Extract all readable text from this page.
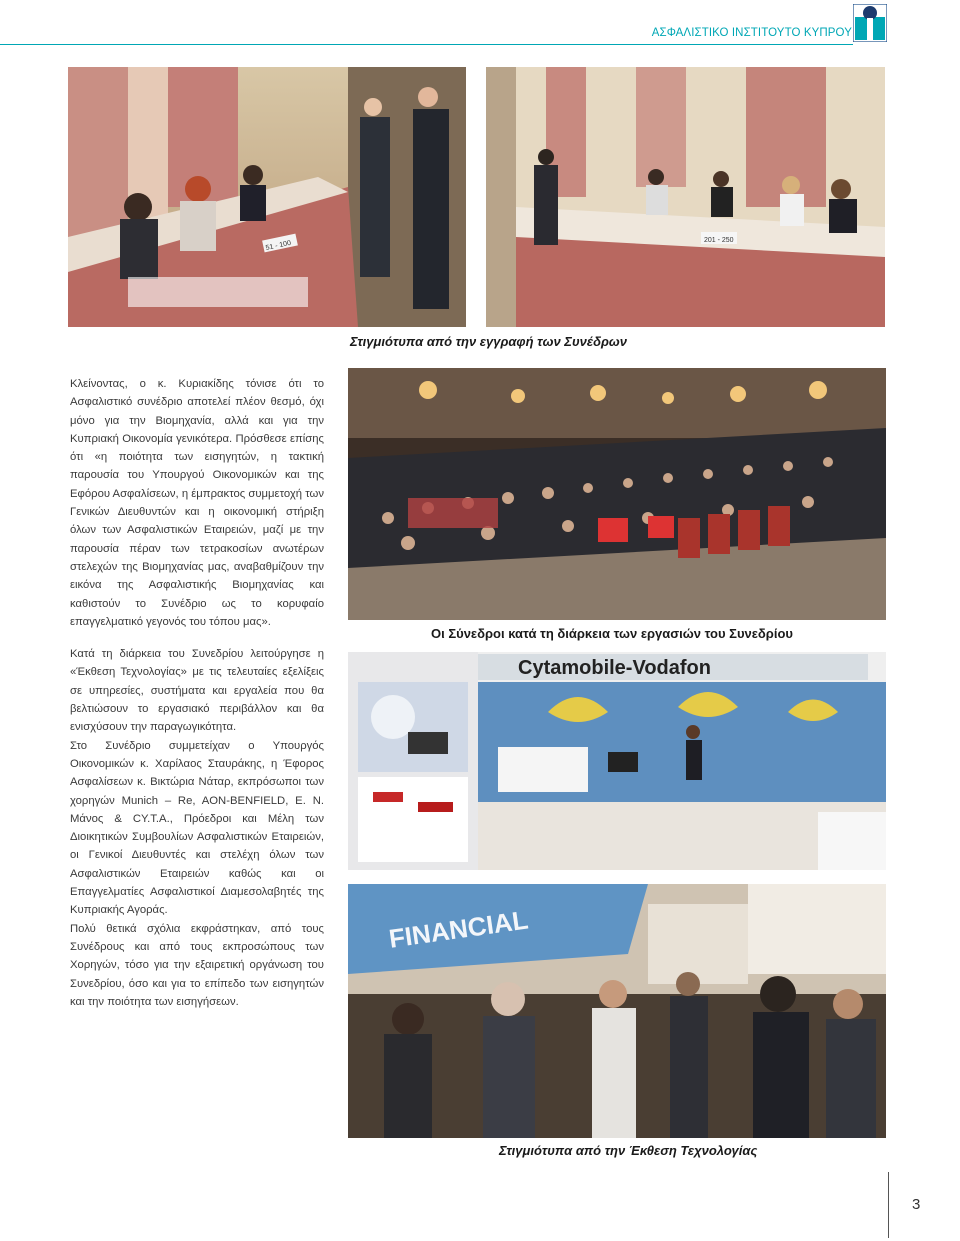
ΑΣΦΑΛΙΣΤΙΚΟ ΙΝΣΤΙΤΟΥΤΟ ΚΥΠΡΟΥ
51 - 100	201 - 250
Στιγμιότυπα από την εγγραφή των Συνέδρων

Κλείνοντας, ο κ. Κυριακίδης τόνισε ότι το Ασφαλιστικό συνέδριο αποτελεί πλέον θεσμό, όχι μόνο για την Βιομηχανία, αλλά και για την Κυπριακή Οικονομία γενικότερα. Πρόσθεσε επίσης ότι «η ποιότητα των εισηγητών, η τακτική παρουσία του Υπουργού Οικονομικών και της Εφόρου Ασφαλίσεων, η έμπρακτος συμμετοχή των Γενικών Διευθυντών και η οικονομική στήριξη όλων των Ασφαλιστικών Εταιρειών, μαζί με την παρουσία πέραν των τετρακοσίων ανωτέρων στελεχών της Βιομηχανίας μας, αναβαθμίζουν την εικόνα της Ασφαλιστικής Βιομηχανίας και καθιστούν το Συνέδριο ως το κορυφαίο επαγγελματικό γεγονός του τόπου μας».

Κατά τη διάρκεια του Συνεδρίου λειτούργησε η «Έκθεση Τεχνολογίας» με τις τελευταίες εξελίξεις σε υπηρεσίες, συστήματα και εργαλεία που θα βελτιώσουν το εργασιακό περιβάλλον και θα ενισχύσουν την παραγωγικότητα.

Στο Συνέδριο συμμετείχαν ο Υπουργός Οικονομικών κ. Χαρίλαος Σταυράκης, η Έφορος Ασφαλίσεων κ. Βικτώρια Νάταρ, εκπρόσωποι των χορηγών Munich – Re, AON-BENFIELD, E. N. Μάνος & CY.T.A., Πρόεδροι και Μέλη των Διοικητικών Συμβουλίων Ασφαλιστικών Εταιρειών, οι Γενικοί Διευθυντές και στελέχη όλων των Ασφαλιστικών Εταιρειών καθώς και οι Επαγγελματίες Ασφαλιστικοί Διαμεσολαβητές της Κυπριακής Αγοράς.

Πολύ θετικά σχόλια εκφράστηκαν, από τους Συνέδρους και από τους εκπροσώπους των Χορηγών, τόσο για την εξαιρετική οργάνωση του Συνεδρίου, όσο και για το επίπεδο των εισηγητών και την ποιότητα των εισηγήσεων.

Οι Σύνεδροι κατά τη διάρκεια των εργασιών του Συνεδρίου
Cytamobile-Vodafon
FINANCIAL
Στιγμιότυπα από την Έκθεση Τεχνολογίας
3
